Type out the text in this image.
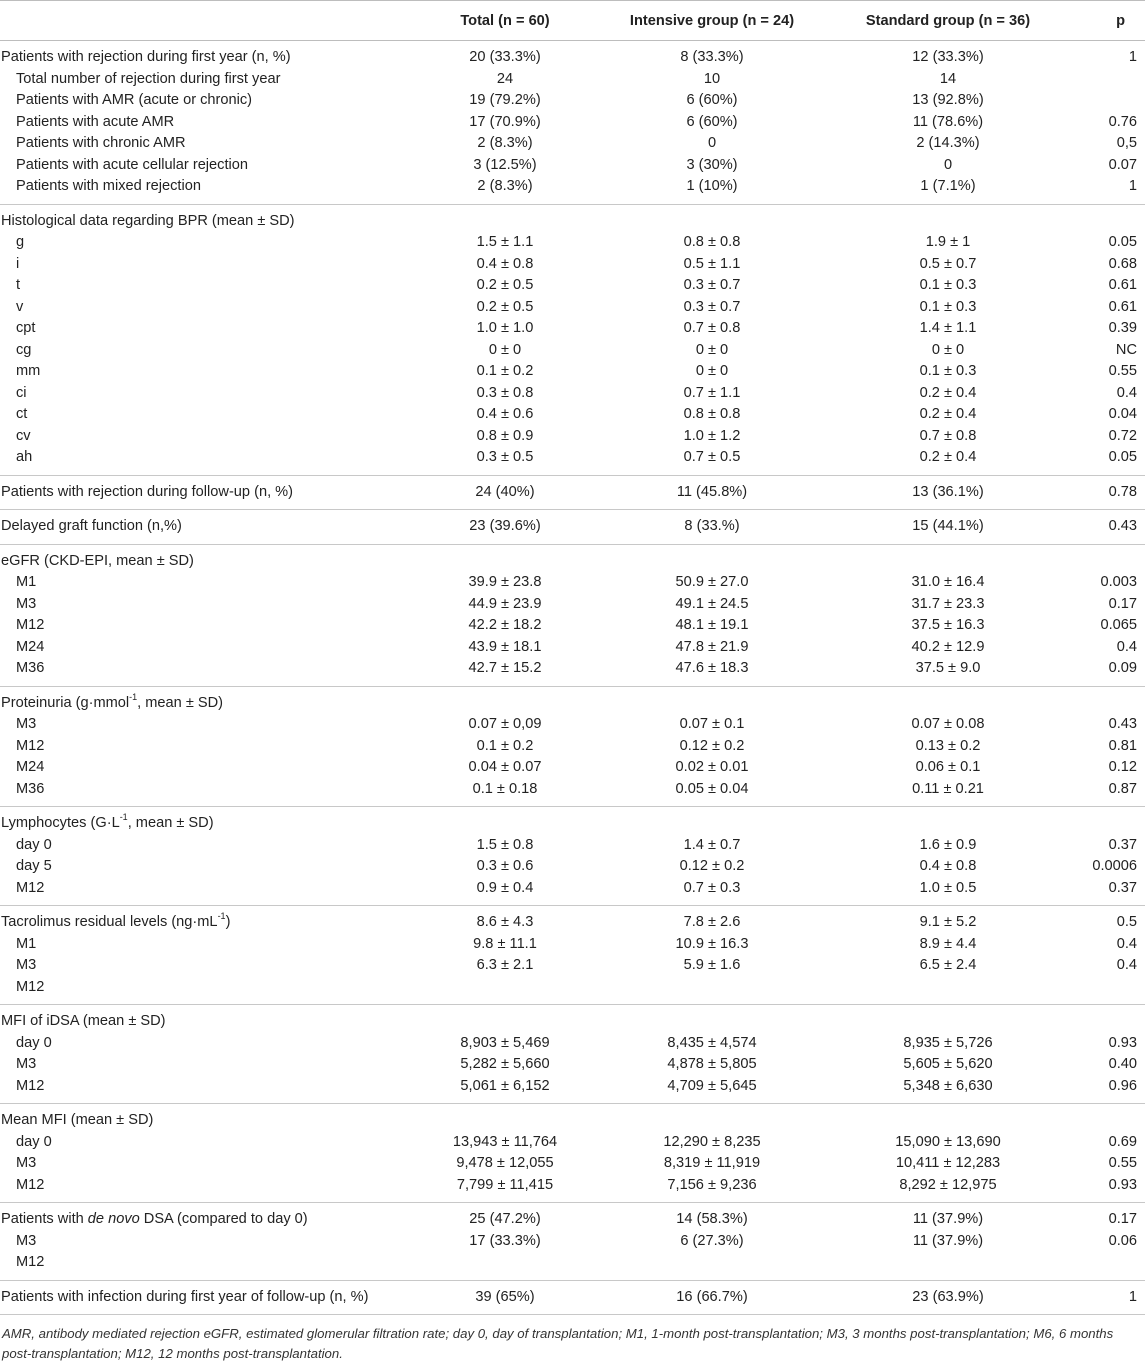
	Total (n = 60)	Intensive group (n = 24)	Standard group (n = 36)	p
Patients with rejection during first year (n, %)	20 (33.3%)	8 (33.3%)	12 (33.3%)	1
Total number of rejection during first year	24	10	14	
Patients with AMR (acute or chronic)	19 (79.2%)	6 (60%)	13 (92.8%)	
Patients with acute AMR	17 (70.9%)	6 (60%)	11 (78.6%)	0.76
Patients with chronic AMR	2 (8.3%)	0	2 (14.3%)	0,5
Patients with acute cellular rejection	3 (12.5%)	3 (30%)	0	0.07
Patients with mixed rejection	2 (8.3%)	1 (10%)	1 (7.1%)	1
Histological data regarding BPR (mean ± SD)				
g	1.5 ± 1.1	0.8 ± 0.8	1.9 ± 1	0.05
i	0.4 ± 0.8	0.5 ± 1.1	0.5 ± 0.7	0.68
t	0.2 ± 0.5	0.3 ± 0.7	0.1 ± 0.3	0.61
v	0.2 ± 0.5	0.3 ± 0.7	0.1 ± 0.3	0.61
cpt	1.0 ± 1.0	0.7 ± 0.8	1.4 ± 1.1	0.39
cg	0 ± 0	0 ± 0	0 ± 0	NC
mm	0.1 ± 0.2	0 ± 0	0.1 ± 0.3	0.55
ci	0.3 ± 0.8	0.7 ± 1.1	0.2 ± 0.4	0.4
ct	0.4 ± 0.6	0.8 ± 0.8	0.2 ± 0.4	0.04
cv	0.8 ± 0.9	1.0 ± 1.2	0.7 ± 0.8	0.72
ah	0.3 ± 0.5	0.7 ± 0.5	0.2 ± 0.4	0.05
Patients with rejection during follow-up (n, %)	24 (40%)	11 (45.8%)	13 (36.1%)	0.78
Delayed graft function (n,%)	23 (39.6%)	8 (33.%)	15 (44.1%)	0.43
eGFR (CKD-EPI, mean ± SD)				
M1	39.9 ± 23.8	50.9 ± 27.0	31.0 ± 16.4	0.003
M3	44.9 ± 23.9	49.1 ± 24.5	31.7 ± 23.3	0.17
M12	42.2 ± 18.2	48.1 ± 19.1	37.5 ± 16.3	0.065
M24	43.9 ± 18.1	47.8 ± 21.9	40.2 ± 12.9	0.4
M36	42.7 ± 15.2	47.6 ± 18.3	37.5 ± 9.0	0.09
Proteinuria (g·mmol$^{-1}$, mean ± SD)				
M3	0.07 ± 0,09	0.07 ± 0.1	0.07 ± 0.08	0.43
M12	0.1 ± 0.2	0.12 ± 0.2	0.13 ± 0.2	0.81
M24	0.04 ± 0.07	0.02 ± 0.01	0.06 ± 0.1	0.12
M36	0.1 ± 0.18	0.05 ± 0.04	0.11 ± 0.21	0.87
Lymphocytes ($G\cdot L^{-1}$, mean ± SD)				
day 0	1.5 ± 0.8	1.4 ± 0.7	1.6 ± 0.9	0.37
day 5	0.3 ± 0.6	0.12 ± 0.2	0.4 ± 0.8	0.0006
M12	0.9 ± 0.4	0.7 ± 0.3	1.0 ± 0.5	0.37
Tacrolimus residual levels $(ng\cdot mL^{-1})$	8.6 ± 4.3	7.8 ± 2.6	9.1 ± 5.2	0.5
M1	9.8 ± 11.1	10.9 ± 16.3	8.9 ± 4.4	0.4
M3	6.3 ± 2.1	5.9 ± 1.6	6.5 ± 2.4	0.4
M12				
MFI of iDSA (mean ± SD)				
day 0	8,903 ± 5,469	8,435 ± 4,574	8,935 ± 5,726	0.93
M3	5,282 ± 5,660	4,878 ± 5,805	5,605 ± 5,620	0.40
M12	5,061 ± 6,152	4,709 ± 5,645	5,348 ± 6,630	0.96
Mean MFI (mean ± SD)				
day 0	13,943 ± 11,764	12,290 ± 8,235	15,090 ± 13,690	0.69
M3	9,478 ± 12,055	8,319 ± 11,919	10,411 ± 12,283	0.55
M12	7,799 ± 11,415	7,156 ± 9,236	8,292 ± 12,975	0.93
Patients with de novo DSA (compared to day 0)	25 (47.2%)	14 (58.3%)	11 (37.9%)	0.17
M3	17 (33.3%)	6 (27.3%)	11 (37.9%)	0.06
M12				
Patients with infection during first year of follow-up (n, %)	39 (65%)	16 (66.7%)	23 (63.9%)	1
AMR, antibody mediated rejection eGFR, estimated glomerular filtration rate; day 0, day of transplantation; M1, 1-month post-transplantation; M3, 3 months post-transplantation; M6, 6 months post-transplantation; M12, 12 months post-transplantation.
